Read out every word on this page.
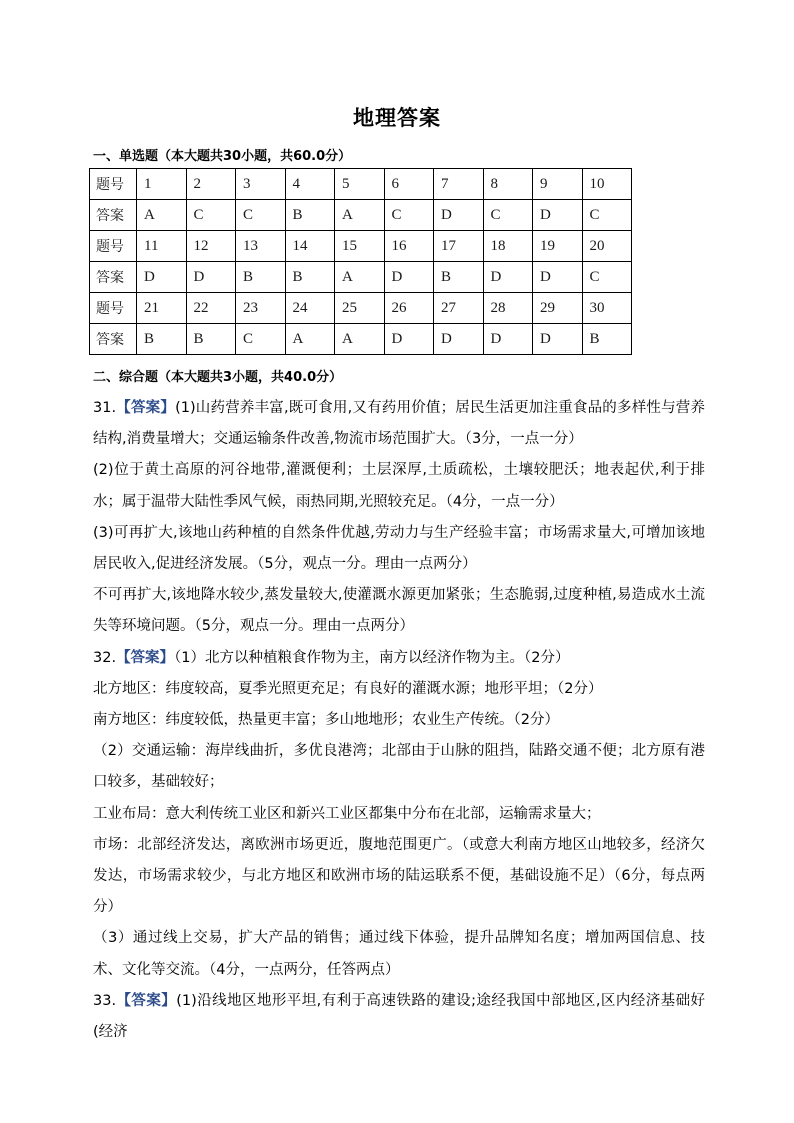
地理答案
一、单选题（本大题共30小题，共60.0分）
题号	1	2	3	4	5	6	7	8	9	10
答案	A	C	C	B	A	C	D	C	D	C
题号	11	12	13	14	15	16	17	18	19	20
答案	D	D	B	B	A	D	B	D	D	C
题号	21	22	23	24	25	26	27	28	29	30
答案	B	B	C	A	A	D	D	D	D	B
二、综合题（本大题共3小题，共40.0分）

31.【答案】(1)山药营养丰富,既可食用,又有药用价值；居民生活更加注重食品的多样性与营养结构,消费量增大；交通运输条件改善,物流市场范围扩大。（3分，一点一分）

(2)位于黄土高原的河谷地带,灌溉便利；土层深厚,土质疏松，土壤较肥沃；地表起伏,利于排水；属于温带大陆性季风气候，雨热同期,光照较充足。（4分，一点一分）

(3)可再扩大,该地山药种植的自然条件优越,劳动力与生产经验丰富；市场需求量大,可增加该地居民收入,促进经济发展。（5分，观点一分。理由一点两分）

不可再扩大,该地降水较少,蒸发量较大,使灌溉水源更加紧张；生态脆弱,过度种植,易造成水土流失等环境问题。（5分，观点一分。理由一点两分）

32.【答案】（1）北方以种植粮食作物为主，南方以经济作物为主。（2分）

北方地区：纬度较高，夏季光照更充足；有良好的灌溉水源；地形平坦；（2分）

南方地区：纬度较低，热量更丰富；多山地地形；农业生产传统。（2分）

（2）交通运输：海岸线曲折，多优良港湾；北部由于山脉的阻挡，陆路交通不便；北方原有港口较多，基础较好；

工业布局：意大利传统工业区和新兴工业区都集中分布在北部，运输需求量大；

市场：北部经济发达，离欧洲市场更近，腹地范围更广。（或意大利南方地区山地较多，经济欠发达，市场需求较少，与北方地区和欧洲市场的陆运联系不便，基础设施不足）（6分，每点两分）

（3）通过线上交易，扩大产品的销售；通过线下体验，提升品牌知名度；增加两国信息、技术、文化等交流。（4分，一点两分，任答两点）

33.【答案】(1)沿线地区地形平坦,有利于高速铁路的建设;途经我国中部地区,区内经济基础好(经济
